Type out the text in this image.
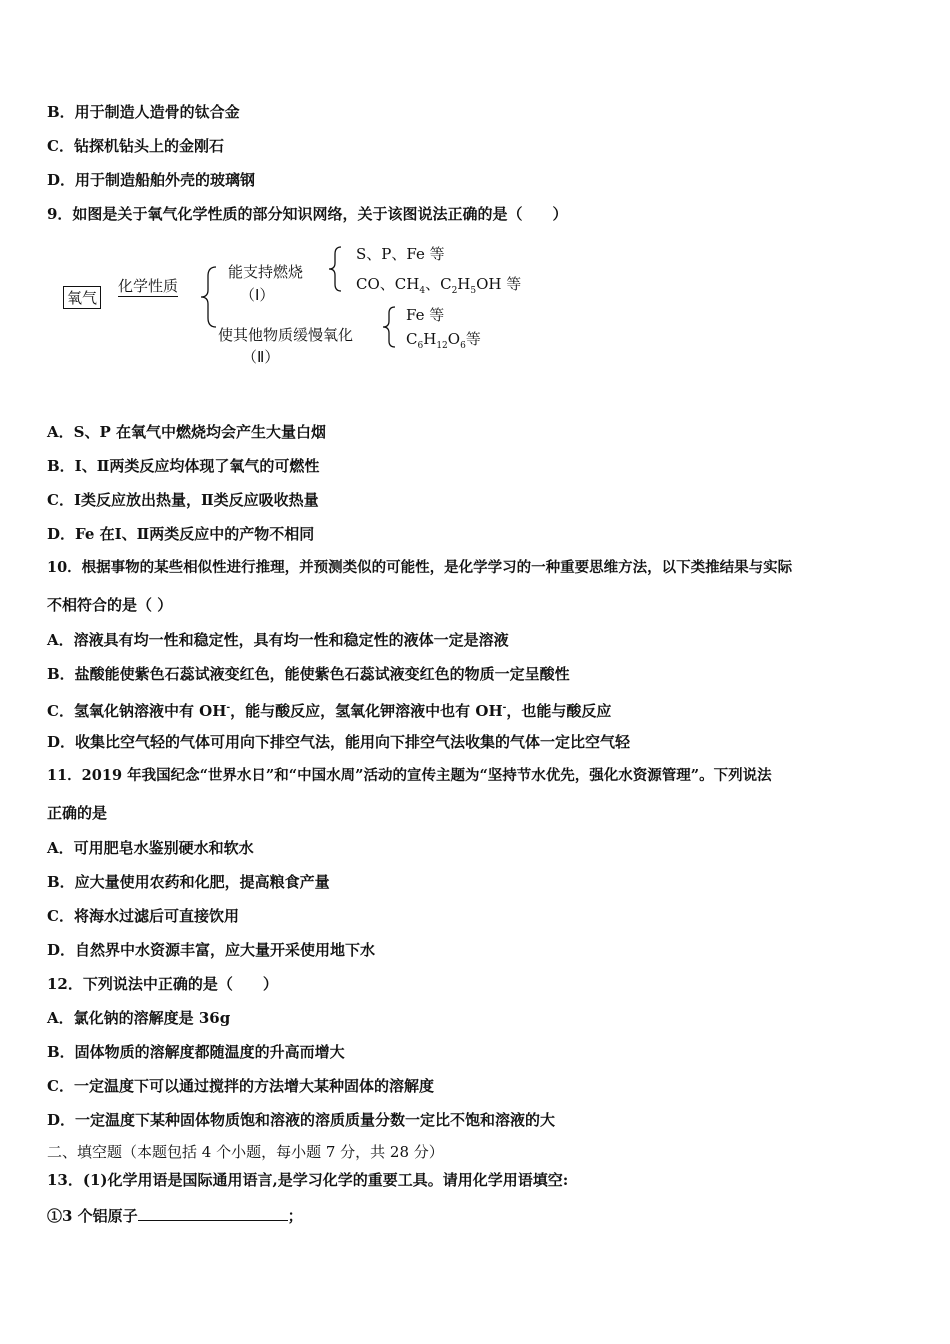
B．用于制造人造骨的钛合金
C．钻探机钻头上的金刚石
D．用于制造船舶外壳的玻璃钢
9．如图是关于氧气化学性质的部分知识网络，关于该图说法正确的是（　　）
氧气
化学性质
能支持燃烧
（Ⅰ）
使其他物质缓慢氧化
（Ⅱ）
S、P、Fe 等
CO、$CH_4$、$C_2H_5OH$ 等
Fe 等
$C_6H_{12}O_6$等
A．S、P 在氧气中燃烧均会产生大量白烟
B．Ⅰ、Ⅱ两类反应均体现了氧气的可燃性
C．Ⅰ类反应放出热量，Ⅱ类反应吸收热量
D．Fe 在Ⅰ、Ⅱ两类反应中的产物不相同
10．根据事物的某些相似性进行推理，并预测类似的可能性，是化学学习的一种重要思维方法，以下类推结果与实际
不相符合的是（ ）
A．溶液具有均一性和稳定性，具有均一性和稳定性的液体一定是溶液
B．盐酸能使紫色石蕊试液变红色，能使紫色石蕊试液变红色的物质一定呈酸性
C．氢氧化钠溶液中有 OH-，能与酸反应，氢氧化钾溶液中也有 OH-，也能与酸反应
D．收集比空气轻的气体可用向下排空气法，能用向下排空气法收集的气体一定比空气轻
11．2019 年我国纪念“世界水日”和“中国水周”活动的宣传主题为“坚持节水优先，强化水资源管理”。下列说法
正确的是
A．可用肥皂水鉴别硬水和软水
B．应大量使用农药和化肥，提高粮食产量
C．将海水过滤后可直接饮用
D．自然界中水资源丰富，应大量开采使用地下水
12．下列说法中正确的是（　　）
A．氯化钠的溶解度是 36g
B．固体物质的溶解度都随温度的升高而增大
C．一定温度下可以通过搅拌的方法增大某种固体的溶解度
D．一定温度下某种固体物质饱和溶液的溶质质量分数一定比不饱和溶液的大
二、填空题（本题包括 4 个小题，每小题 7 分，共 28 分）
13．(1)化学用语是国际通用语言,是学习化学的重要工具。请用化学用语填空:
①3 个铝原子	；
